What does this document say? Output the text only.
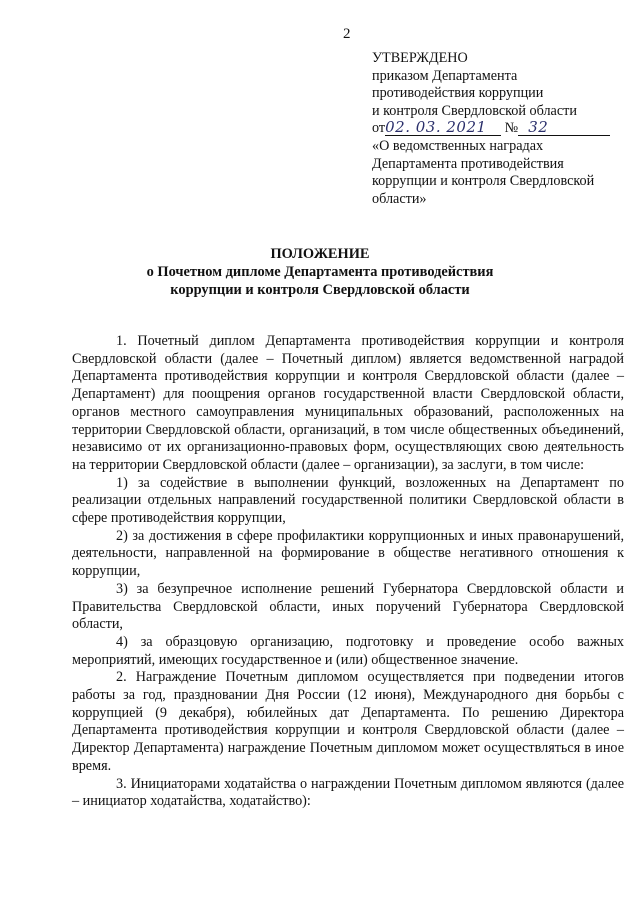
2
УТВЕРЖДЕНО
приказом Департамента
противодействия коррупции
и контроля Свердловской области
от02. 03. 2021 № 32
«О ведомственных наградах
Департамента противодействия
коррупции и контроля Свердловской
области»
ПОЛОЖЕНИЕ
о Почетном дипломе Департамента противодействия
коррупции и контроля Свердловской области

1. Почетный диплом Департамента противодействия коррупции и контроля Свердловской области (далее – Почетный диплом) является ведомственной наградой Департамента противодействия коррупции и контроля Свердловской области (далее – Департамент) для поощрения органов государственной власти Свердловской области, органов местного самоуправления муниципальных образований, расположенных на территории Свердловской области, организаций, в том числе общественных объединений, независимо от их организационно-правовых форм, осуществляющих свою деятельность на территории Свердловской области (далее – организации), за заслуги, в том числе:

1) за содействие в выполнении функций, возложенных на Департамент по реализации отдельных направлений государственной политики Свердловской области в сфере противодействия коррупции,

2) за достижения в сфере профилактики коррупционных и иных правонарушений, деятельности, направленной на формирование в обществе негативного отношения к коррупции,

3) за безупречное исполнение решений Губернатора Свердловской области и Правительства Свердловской области, иных поручений Губернатора Свердловской области,

4) за образцовую организацию, подготовку и проведение особо важных мероприятий, имеющих государственное и (или) общественное значение.

2. Награждение Почетным дипломом осуществляется при подведении итогов работы за год, праздновании Дня России (12 июня), Международного дня борьбы с коррупцией (9 декабря), юбилейных дат Департамента. По решению Директора Департамента противодействия коррупции и контроля Свердловской области (далее – Директор Департамента) награждение Почетным дипломом может осуществляться в иное время.

3. Инициаторами ходатайства о награждении Почетным дипломом являются (далее – инициатор ходатайства, ходатайство):
